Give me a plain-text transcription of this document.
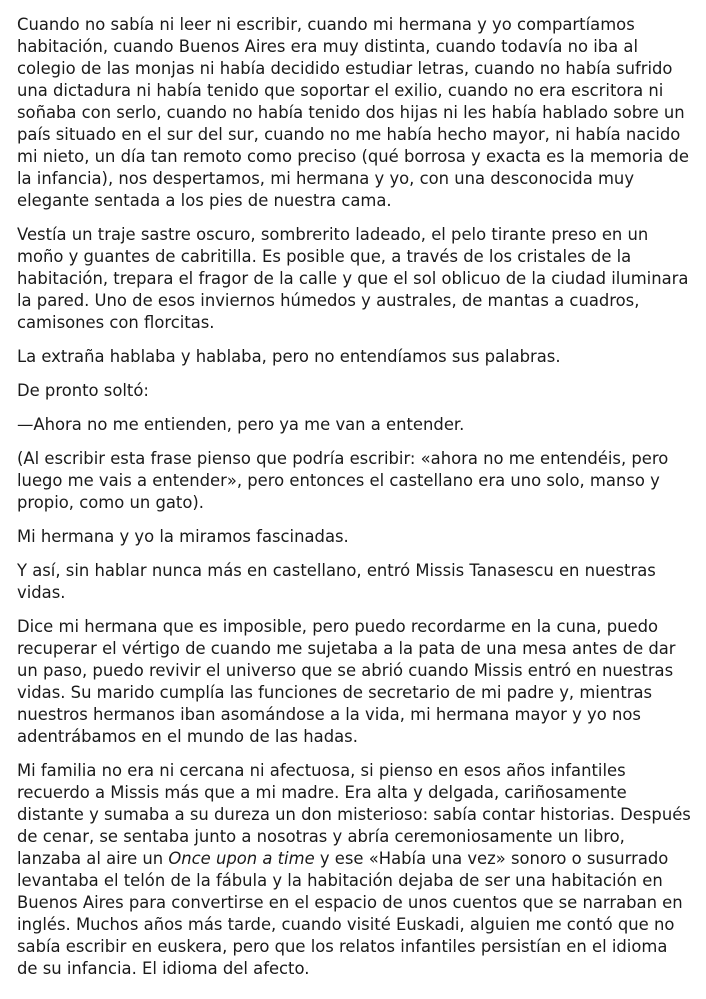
Cuando no sabía ni leer ni escribir, cuando mi hermana y yo compartíamos habitación, cuando Buenos Aires era muy distinta, cuando todavía no iba al colegio de las monjas ni había decidido estudiar letras, cuando no había sufrido una dictadura ni había tenido que soportar el exilio, cuando no era escritora ni soñaba con serlo, cuando no había tenido dos hijas ni les había hablado sobre un país situado en el sur del sur, cuando no me había hecho mayor, ni había nacido mi nieto, un día tan remoto como preciso (qué borrosa y exacta es la memoria de la infancia), nos despertamos, mi hermana y yo, con una desconocida muy elegante sentada a los pies de nuestra cama.

Vestía un traje sastre oscuro, sombrerito ladeado, el pelo tirante preso en un moño y guantes de cabritilla. Es posible que, a través de los cristales de la habitación, trepara el fragor de la calle y que el sol oblicuo de la ciudad iluminara la pared. Uno de esos inviernos húmedos y australes, de mantas a cuadros, camisones con florcitas.

La extraña hablaba y hablaba, pero no entendíamos sus palabras.

De pronto soltó:

—Ahora no me entienden, pero ya me van a entender.

(Al escribir esta frase pienso que podría escribir: «ahora no me entendéis, pero luego me vais a entender», pero entonces el castellano era uno solo, manso y propio, como un gato).

Mi hermana y yo la miramos fascinadas.

Y así, sin hablar nunca más en castellano, entró Missis Tanasescu en nuestras vidas.

Dice mi hermana que es imposible, pero puedo recordarme en la cuna, puedo recuperar el vértigo de cuando me sujetaba a la pata de una mesa antes de dar un paso, puedo revivir el universo que se abrió cuando Missis entró en nuestras vidas. Su marido cumplía las funciones de secretario de mi padre y, mientras nuestros hermanos iban asomándose a la vida, mi hermana mayor y yo nos adentrábamos en el mundo de las hadas.

Mi familia no era ni cercana ni afectuosa, si pienso en esos años infantiles recuerdo a Missis más que a mi madre. Era alta y delgada, cariñosamente distante y sumaba a su dureza un don misterioso: sabía contar historias. Después de cenar, se sentaba junto a nosotras y abría ceremoniosamente un libro, lanzaba al aire un Once upon a time y ese «Había una vez» sonoro o susurrado levantaba el telón de la fábula y la habitación dejaba de ser una habitación en Buenos Aires para convertirse en el espacio de unos cuentos que se narraban en inglés. Muchos años más tarde, cuando visité Euskadi, alguien me contó que no sabía escribir en euskera, pero que los relatos infantiles persistían en el idioma de su infancia. El idioma del afecto.
